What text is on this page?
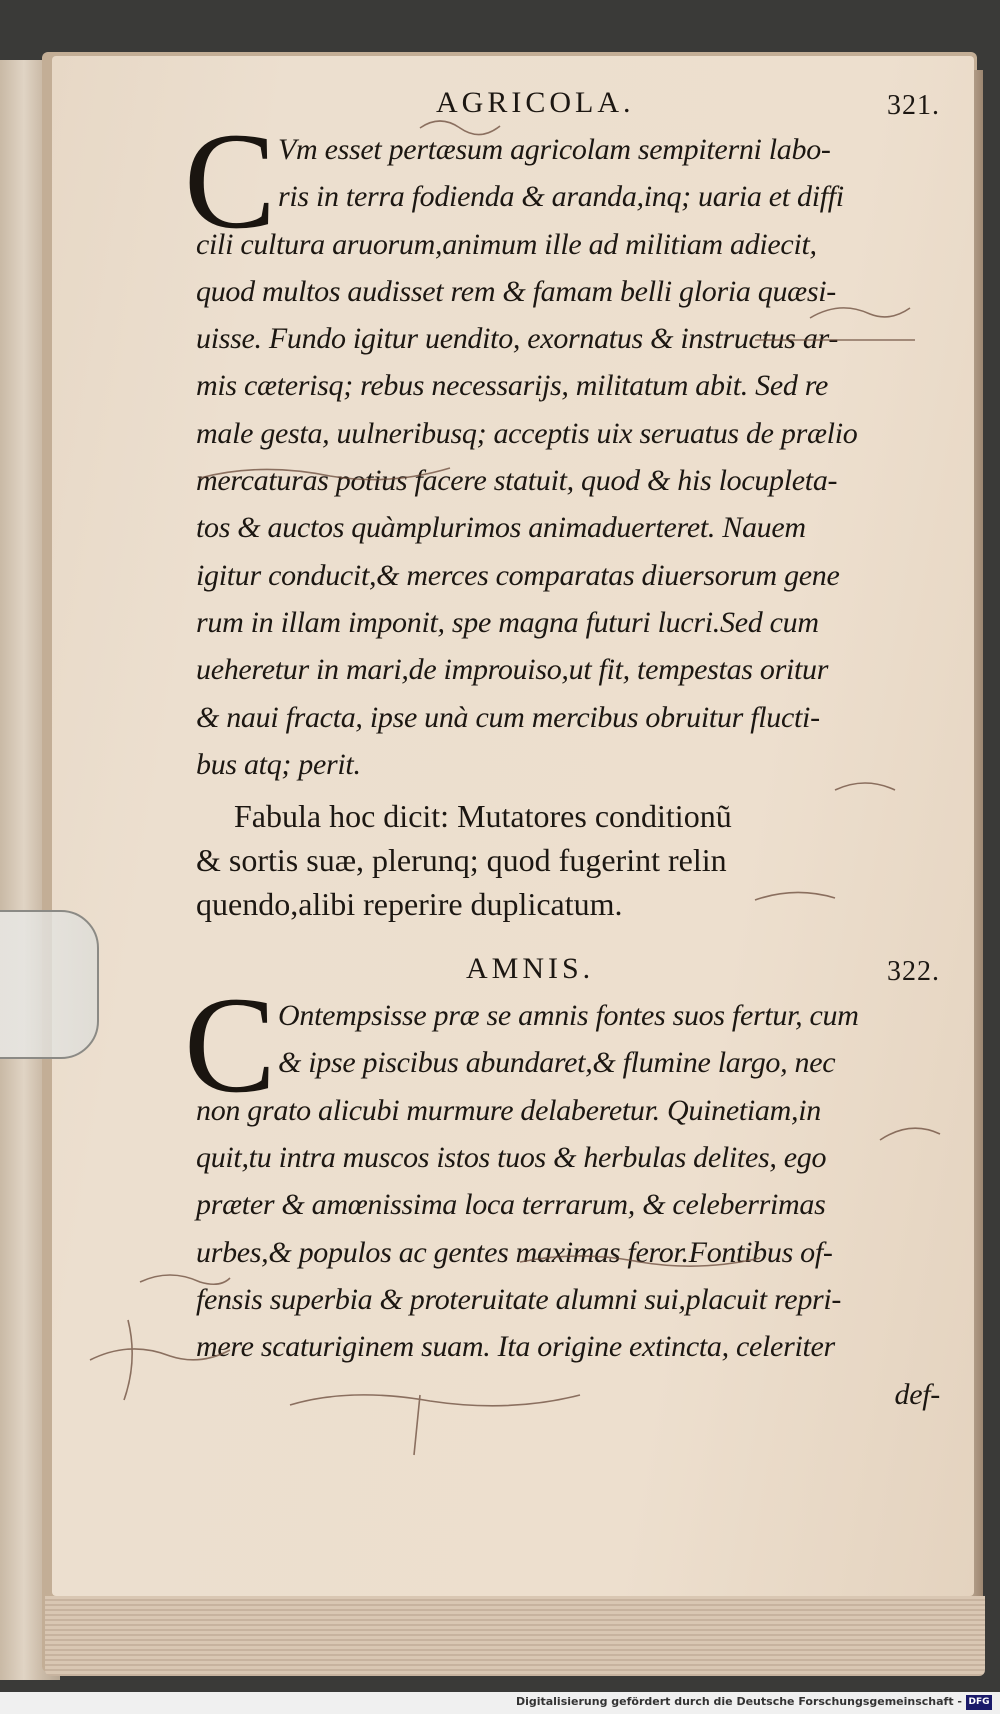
AGRICOLA.	321.
C Vm esset pertæsum agricolam sempiterni labo-
ris in terra fodienda & aranda,inq; uaria et diffi
cili cultura aruorum,animum ille ad militiam adiecit,
quod multos audisset rem & famam belli gloria quæsi-
uisse. Fundo igitur uendito, exornatus & instructus ar-
mis cæterisq; rebus necessarijs, militatum abit. Sed re
male gesta, uulneribusq; acceptis uix seruatus de prælio
mercaturas potius facere statuit, quod & his locupleta-
tos & auctos quàmplurimos animaduerteret. Nauem
igitur conducit,& merces comparatas diuersorum gene
rum in illam imponit, spe magna futuri lucri.Sed cum
ueheretur in mari,de improuiso,ut fit, tempestas oritur
& naui fracta, ipse unà cum mercibus obruitur flucti-
bus atq; perit.
Fabula hoc dicit: Mutatores conditionũ
& sortis suæ, plerunq; quod fugerint relin
quendo,alibi reperire duplicatum.
AMNIS.	322.
C Ontempsisse præ se amnis fontes suos fertur, cum
& ipse piscibus abundaret,& flumine largo, nec
non grato alicubi murmure delaberetur. Quinetiam,in
quit,tu intra muscos istos tuos & herbulas delites, ego
præter & amœnissima loca terrarum, & celeberrimas
urbes,& populos ac gentes maximas feror.Fontibus of-
fensis superbia & proteruitate alumni sui,placuit repri-
mere scaturiginem suam. Ita origine extincta, celeriter
def-
Digitalisierung gefördert durch die Deutsche Forschungsgemeinschaft - DFG
